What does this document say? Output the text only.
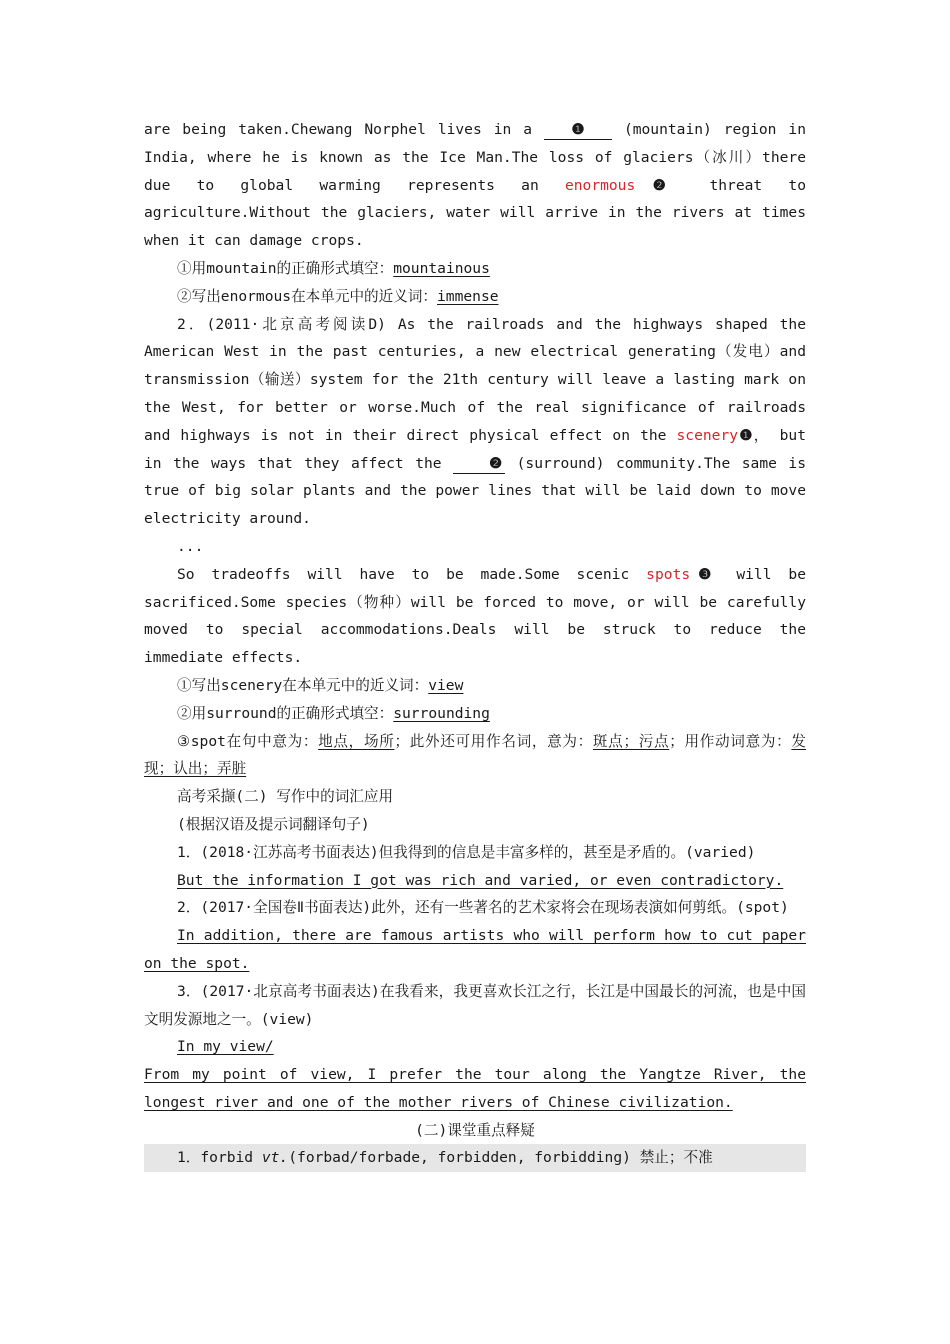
are being taken.Chewang Norphel lives in a ❶ (mountain) region in India, where he is known as the Ice Man.The loss of glaciers（冰川）there due to global warming represents an enormous❷ threat to agriculture.Without the glaciers, water will arrive in the rivers at times when it can damage crops.

①用mountain的正确形式填空：mountainous

②写出enormous在本单元中的近义词：immense

2．(2011·北京高考阅读D) As the railroads and the highways shaped the American West in the past centuries, a new electrical generating（发电）and transmission（输送）system for the 21th century will leave a lasting mark on the West, for better or worse.Much of the real significance of railroads and highways is not in their direct physical effect on the scenery❶， but in the ways that they affect the ❷ (surround) community.The same is true of big solar plants and the power lines that will be laid down to move electricity around.

...

So tradeoffs will have to be made.Some scenic spots❸ will be sacrificed.Some species（物种）will be forced to move, or will be carefully moved to special accommodations.Deals will be struck to reduce the immediate effects.

①写出scenery在本单元中的近义词：view

②用surround的正确形式填空：surrounding

③spot在句中意为：地点，场所；此外还可用作名词，意为：斑点；污点；用作动词意为：发现；认出；弄脏

高考采撷(二) 写作中的词汇应用

(根据汉语及提示词翻译句子)

1．(2018·江苏高考书面表达)但我得到的信息是丰富多样的，甚至是矛盾的。(varied)

But the information I got was rich and varied, or even contradictory.

2．(2017·全国卷Ⅱ书面表达)此外，还有一些著名的艺术家将会在现场表演如何剪纸。(spot)

In addition, there are famous artists who will perform how to cut paper on the spot.

3．(2017·北京高考书面表达)在我看来，我更喜欢长江之行，长江是中国最长的河流，也是中国文明发源地之一。(view)

In my view/

From my point of view, I prefer the tour along the Yangtze River, the longest river and one of the mother rivers of Chinese civilization.

(二)课堂重点释疑

1．forbid vt.(forbad/forbade, forbidden, forbidding) 禁止；不准
